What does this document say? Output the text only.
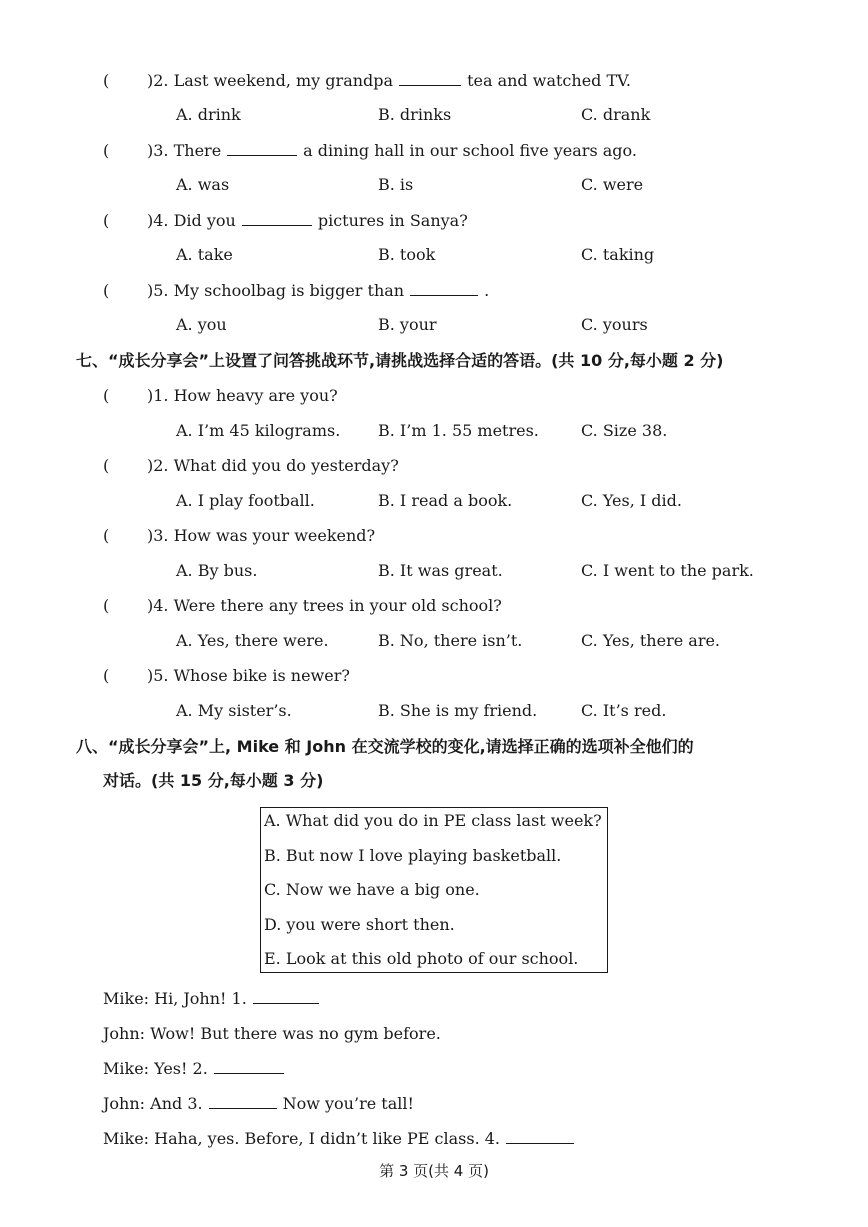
( )2. Last weekend, my grandpa	tea and watched TV.
A. drink	B. drinks	C. drank
( )3. There	a dining hall in our school five years ago.
A. was	B. is	C. were
( )4. Did you	pictures in Sanya?
A. take	B. took	C. taking
( )5. My schoolbag is bigger than	.
A. you	B. your	C. yours
七、“成长分享会”上设置了问答挑战环节,请挑战选择合适的答语。(共 10 分,每小题 2 分)
( )1. How heavy are you?
A. I’m 45 kilograms. B. I’m 1. 55 metres.	C. Size 38.
( )2. What did you do yesterday?
A. I play football.	B. I read a book.	C. Yes, I did.
( )3. How was your weekend?
A. By bus.	B. It was great.	C. I went to the park.
( )4. Were there any trees in your old school?
A. Yes, there were.	B. No, there isn’t.	C. Yes, there are.
( )5. Whose bike is newer?
A. My sister’s.	B. She is my friend.	C. It’s red.
八、“成长分享会”上, Mike 和 John 在交流学校的变化,请选择正确的选项补全他们的
对话。(共 15 分,每小题 3 分)
A. What did you do in PE class last week?
B. But now I love playing basketball.
C. Now we have a big one.
D. you were short then.
E. Look at this old photo of our school.
Mike: Hi, John! 1.
John: Wow! But there was no gym before.
Mike: Yes! 2.
John: And 3.	Now you’re tall!
Mike: Haha, yes. Before, I didn’t like PE class. 4.
第 3 页(共 4 页)
